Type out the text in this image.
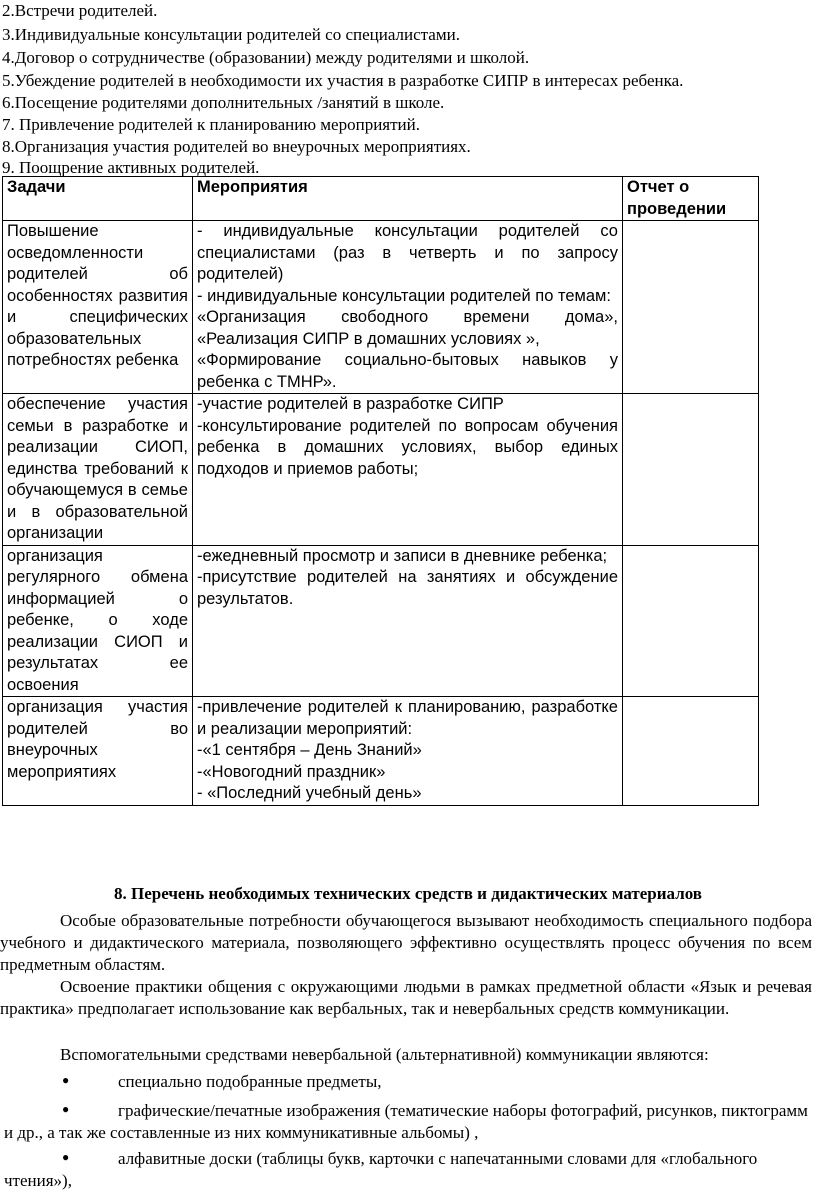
2.Встречи родителей.
3.Индивидуальные консультации родителей со специалистами.
4.Договор о сотрудничестве (образовании) между родителями и школой.
5.Убеждение родителей в необходимости их участия в разработке СИПР в интересах ребенка.
6.Посещение родителями дополнительных /занятий в школе.
7. Привлечение родителей к планированию мероприятий.
8.Организация участия родителей во внеурочных мероприятиях.
9. Поощрение активных родителей.
Задачи	Мероприятия	Отчет о проведении
Повышение осведомленности родителей об особенностях развития и специфических образовательных потребностях ребенка	- индивидуальные консультации родителей со специалистами (раз в четверть и по запросу родителей)

- индивидуальные консультации родителей по темам:

«Организация свободного времени дома», «Реализация СИПР в домашних условиях »,

«Формирование социально-бытовых навыков у ребенка с ТМНР».	

обеспечение участия семьи в разработке и реализации СИОП, единства требований к обучающемуся в семье и в образовательной организации	-участие родителей в разработке СИПР

-консультирование родителей по вопросам обучения ребенка в домашних условиях, выбор единых подходов и приемов работы;	

организация регулярного обмена информацией о ребенке, о ходе реализации СИОП и результатах ее освоения	-ежедневный просмотр и записи в дневнике ребенка;

-присутствие родителей на занятиях и обсуждение результатов.	

организация участия родителей во внеурочных мероприятиях	-привлечение родителей к планированию, разработке и реализации мероприятий:

-«1 сентября – День Знаний»

-«Новогодний праздник»

- «Последний учебный день»	

8. Перечень необходимых технических средств и дидактических материалов
Особые образовательные потребности обучающегося вызывают необходимость специального подбора учебного и дидактического материала, позволяющего эффективно осуществлять процесс обучения по всем предметным областям.
Освоение практики общения с окружающими людьми в рамках предметной области «Язык и речевая практика» предполагает использование как вербальных, так и невербальных средств коммуникации.
Вспомогательными средствами невербальной (альтернативной) коммуникации являются:
●	специально подобранные предметы,
●	графические/печатные изображения (тематические наборы фотографий, рисунков, пиктограмм и др., а так же составленные из них коммуникативные альбомы) ,
●	алфавитные доски (таблицы букв, карточки с напечатанными словами для «глобального чтения»),
